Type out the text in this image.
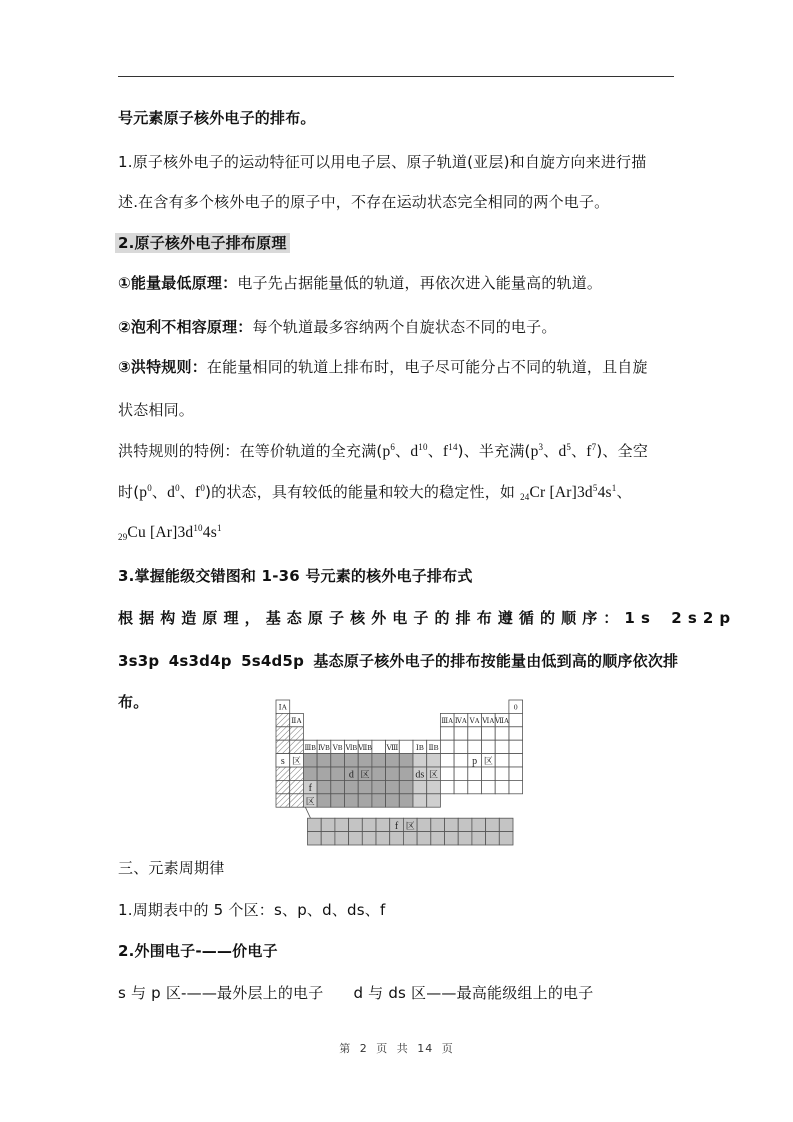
号元素原子核外电子的排布。
1.原子核外电子的运动特征可以用电子层、原子轨道(亚层)和自旋方向来进行描
述.在含有多个核外电子的原子中，不存在运动状态完全相同的两个电子。
2.原子核外电子排布原理
①能量最低原理：电子先占据能量低的轨道，再依次进入能量高的轨道。
②泡利不相容原理：每个轨道最多容纳两个自旋状态不同的电子。
③洪特规则：在能量相同的轨道上排布时，电子尽可能分占不同的轨道，且自旋
状态相同。
洪特规则的特例：在等价轨道的全充满($p^6$、$d^{10}$、$f^{14}$)、半充满($p^3$、$d^5$、$f^7$)、全空
时($p^0$、$d^0$、$f^0$)的状态，具有较低的能量和较大的稳定性，如 $_{24}$Cr $[Ar]3d^54s^1$、
$_{29}$Cu $[Ar]3d^{10}4s^1$
3.掌握能级交错图和 1-36 号元素的核外电子排布式
根据构造原理，基态原子核外电子的排布遵循的顺序：1s 2s2p
3s3p 4s3d4p 5s4d5p 基态原子核外电子的排布按能量由低到高的顺序依次排
布。	ⅠA
ⅡA
ⅢB ⅣB ⅤB ⅥB ⅦB Ⅷ ⅠB ⅡB
ⅢA ⅣA ⅤA ⅥA ⅦA
0
s 区
d 区	ds 区
p 区
f
区
f 区
三、元素周期律
1.周期表中的 5 个区：s、p、d、ds、f
2.外围电子-——价电子
s 与 p 区-——最外层上的电子 d 与 ds 区——最高能级组上的电子
第 2 页 共 14 页
